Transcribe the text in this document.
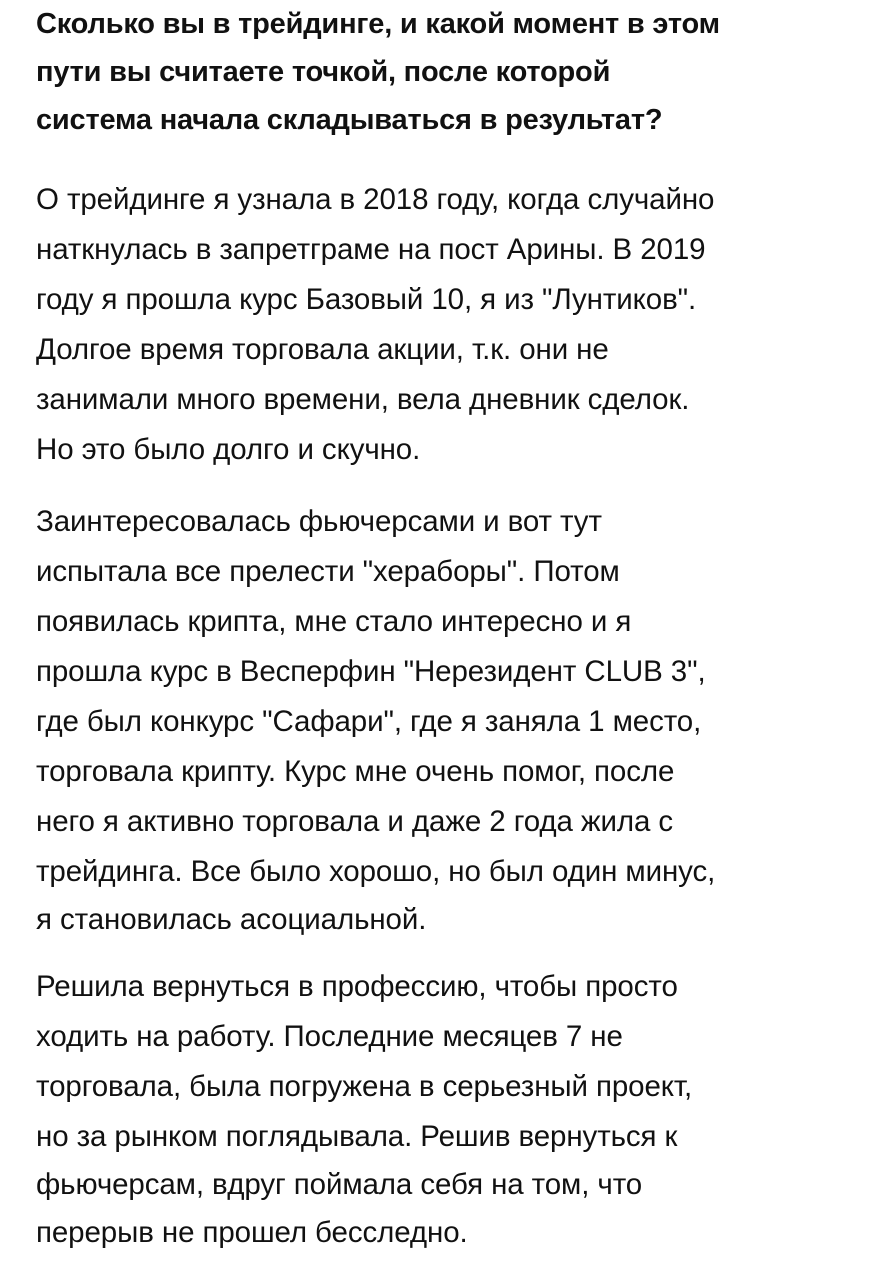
Сколько вы в трейдинге, и какой момент в этом
пути вы считаете точкой, после которой
система начала складываться в результат?
О трейдинге я узнала в 2018 году, когда случайно
наткнулась в запретграме на пост Арины. В 2019
году я прошла курс Базовый 10, я из "Лунтиков".
Долгое время торговала акции, т.к. они не
занимали много времени, вела дневник сделок.
Но это было долго и скучно.
Заинтересовалась фьючерсами и вот тут
испытала все прелести "хераборы". Потом
появилась крипта, мне стало интересно и я
прошла курс в Весперфин "Нерезидент CLUB 3",
где был конкурс "Сафари", где я заняла 1 место,
торговала крипту. Курс мне очень помог, после
него я активно торговала и даже 2 года жила с
трейдинга. Все было хорошо, но был один минус,
я становилась асоциальной.
Решила вернуться в профессию, чтобы просто
ходить на работу. Последние месяцев 7 не
торговала, была погружена в серьезный проект,
но за рынком поглядывала. Решив вернуться к
фьючерсам, вдруг поймала себя на том, что
перерыв не прошел бесследно.
